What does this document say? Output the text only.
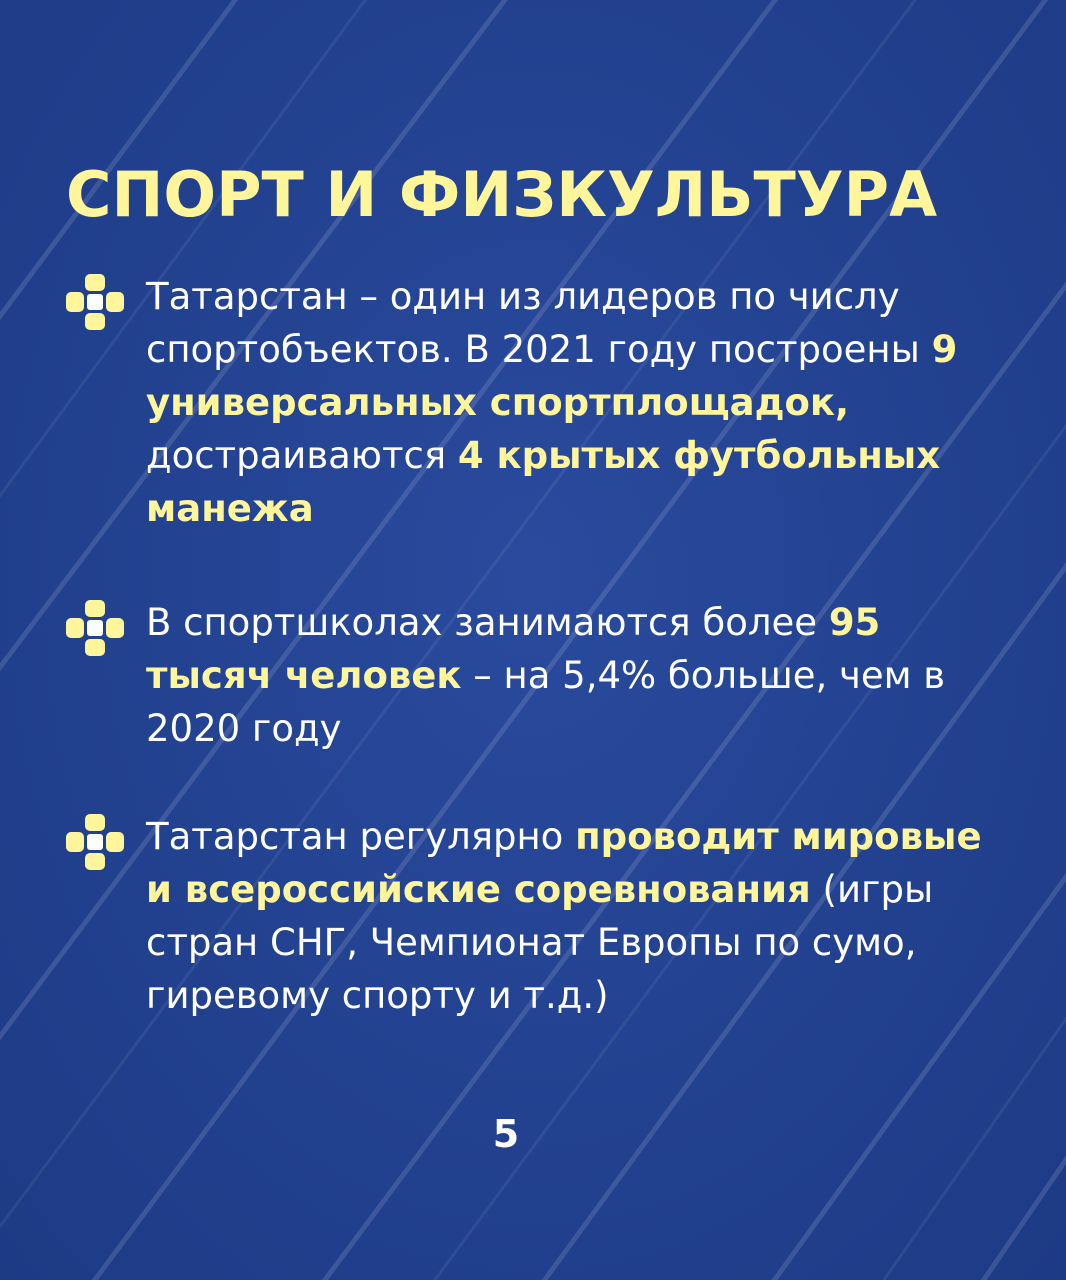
СПОРТ И ФИЗКУЛЬТУРА
Татарстан – один из лидеров по числу спортобъектов. В 2021 году построены 9 универсальных спортплощадок, достраиваются 4 крытых футбольных манежа
В спортшколах занимаются более 95 тысяч человек – на 5,4% больше, чем в 2020 году
Татарстан регулярно проводит мировые и всероссийские соревнования (игры стран СНГ, Чемпионат Европы по сумо, гиревому спорту и т.д.)
5
